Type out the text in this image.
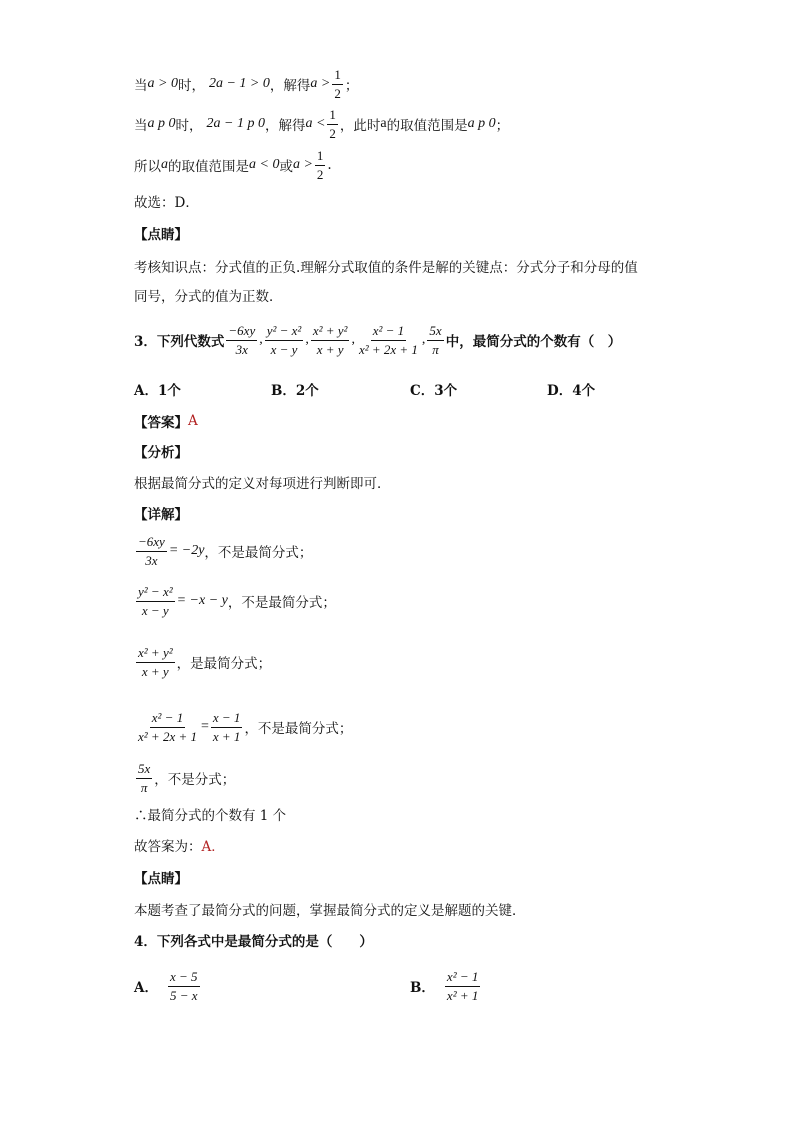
当 a > 0 时， 2a − 1 > 0 ，解得 $a > \frac{1}{2}$ ；
当 a p 0 时， 2a − 1 p 0 ，解得 $a < \frac{1}{2}$ ，此时 a 的取值范围是 a p 0 ；
所以 a 的取值范围是 a < 0 或 $a > \frac{1}{2}$ .
故选：D．
【点睛】
考核知识点：分式值的正负.理解分式取值的条件是解的关键点：分式分子和分母的值
同号，分式的值为正数．
3．下列代数式 $\frac{-6xy}{3x}$ , $\frac{\text{y² − x²}}{x - y}$ , $\frac{\text{x² + y²}}{x + y}$ , $\frac{\text{x² − 1}}{\text{x² + 2x + 1}}$ , $\frac{5x}{\pi}$ 中，最简分式的个数有（　）
A．1个	B．2个	C．3个	D．4个
【答案】 A
【分析】
根据最简分式的定义对每项进行判断即可．
【详解】
$\frac{-6xy}{3x} = -2y$ ，不是最简分式；
$\frac{\text{y² − x²}}{x - y} = -x - y$ ，不是最简分式；
$\frac{\text{x² + y²}}{x + y}$ ，是最简分式；
$\frac{\text{x² − 1}}{\text{x² + 2x + 1}} = \frac{x - 1}{x + 1}$ ，不是最简分式；
$\frac{5x}{\pi}$ ，不是分式；
∴最简分式的个数有 1 个
故答案为： A．
【点睛】
本题考查了最简分式的问题，掌握最简分式的定义是解题的关键．
4．下列各式中是最简分式的是（　　）
A． $\frac{x - 5}{5 - x}$	B． $\frac{\text{x² − 1}}{\text{x² + 1}}$
